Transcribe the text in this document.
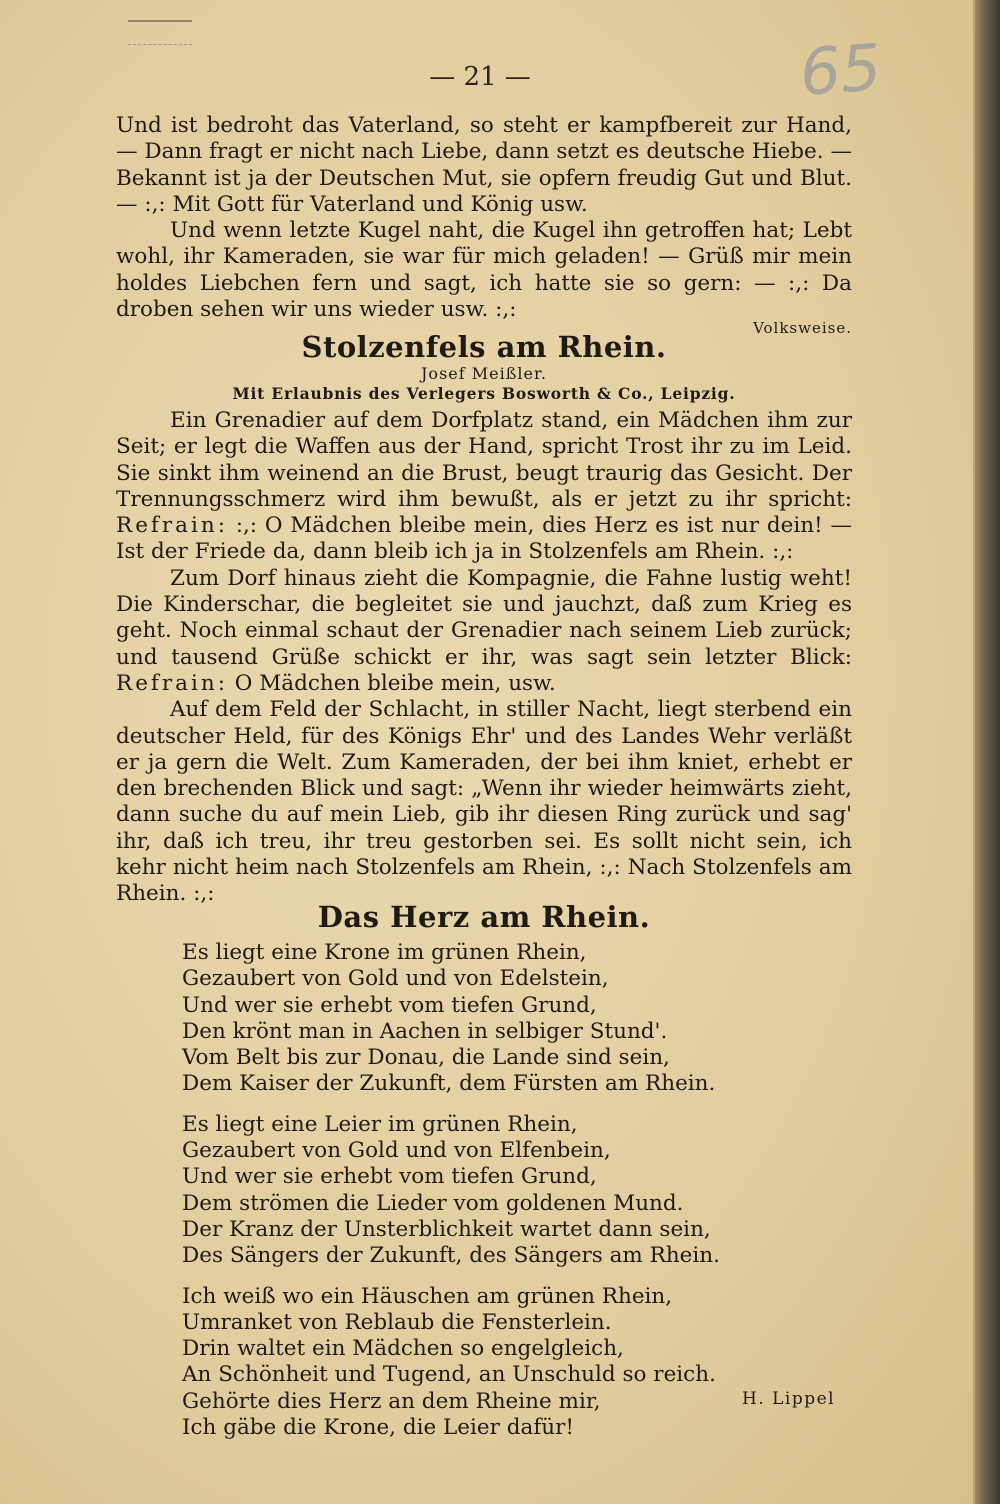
— 21 —	65

Und ist bedroht das Vaterland, so steht er kampfbereit zur Hand, — Dann fragt er nicht nach Liebe, dann setzt es deutsche Hiebe. — Bekannt ist ja der Deutschen Mut, sie opfern freudig Gut und Blut. — :,: Mit Gott für Vaterland und König usw.

Und wenn letzte Kugel naht, die Kugel ihn getroffen hat; Lebt wohl, ihr Kameraden, sie war für mich geladen! — Grüß mir mein holdes Liebchen fern und sagt, ich hatte sie so gern: — :,: Da droben sehen wir uns wieder usw. :,:

Volksweise.
Stolzenfels am Rhein.
Josef Meißler.
Mit Erlaubnis des Verlegers Bosworth & Co., Leipzig.

Ein Grenadier auf dem Dorfplatz stand, ein Mädchen ihm zur Seit; er legt die Waffen aus der Hand, spricht Trost ihr zu im Leid. Sie sinkt ihm weinend an die Brust, beugt traurig das Gesicht. Der Trennungsschmerz wird ihm bewußt, als er jetzt zu ihr spricht: Refrain: :,: O Mädchen bleibe mein, dies Herz es ist nur dein! — Ist der Friede da, dann bleib ich ja in Stolzenfels am Rhein. :,:

Zum Dorf hinaus zieht die Kompagnie, die Fahne lustig weht! Die Kinderschar, die begleitet sie und jauchzt, daß zum Krieg es geht. Noch einmal schaut der Grenadier nach seinem Lieb zurück; und tausend Grüße schickt er ihr, was sagt sein letzter Blick: Refrain: O Mädchen bleibe mein, usw.

Auf dem Feld der Schlacht, in stiller Nacht, liegt sterbend ein deutscher Held, für des Königs Ehr' und des Landes Wehr verläßt er ja gern die Welt. Zum Kameraden, der bei ihm kniet, erhebt er den brechenden Blick und sagt: „Wenn ihr wieder heimwärts zieht, dann suche du auf mein Lieb, gib ihr diesen Ring zurück und sag' ihr, daß ich treu, ihr treu gestorben sei. Es sollt nicht sein, ich kehr nicht heim nach Stolzenfels am Rhein, :,: Nach Stolzenfels am Rhein. :,:

Das Herz am Rhein.
Es liegt eine Krone im grünen Rhein,
Gezaubert von Gold und von Edelstein,
Und wer sie erhebt vom tiefen Grund,
Den krönt man in Aachen in selbiger Stund'.
Vom Belt bis zur Donau, die Lande sind sein,
Dem Kaiser der Zukunft, dem Fürsten am Rhein.
Es liegt eine Leier im grünen Rhein,
Gezaubert von Gold und von Elfenbein,
Und wer sie erhebt vom tiefen Grund,
Dem strömen die Lieder vom goldenen Mund.
Der Kranz der Unsterblichkeit wartet dann sein,
Des Sängers der Zukunft, des Sängers am Rhein.
Ich weiß wo ein Häuschen am grünen Rhein,
Umranket von Reblaub die Fensterlein.
Drin waltet ein Mädchen so engelgleich,
An Schönheit und Tugend, an Unschuld so reich.
Gehörte dies Herz an dem Rheine mir,
Ich gäbe die Krone, die Leier dafür!
H. Lippel
